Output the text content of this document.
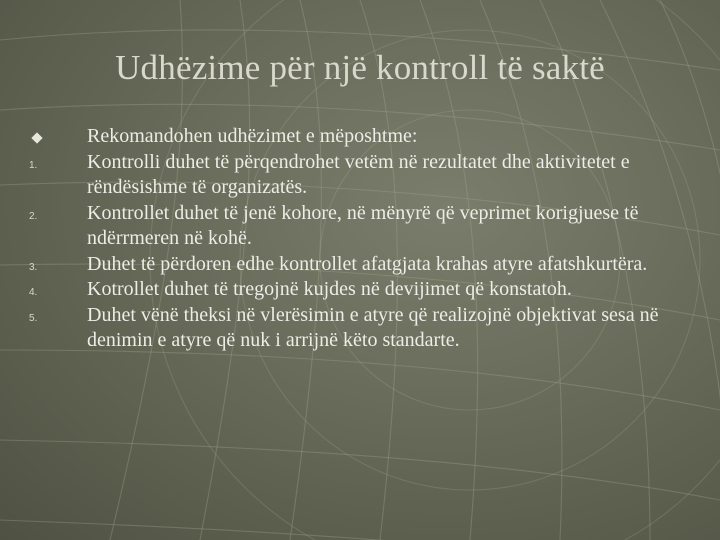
Udhëzime për një kontroll të saktë
Rekomandohen udhëzimet e mëposhtme:
1. Kontrolli duhet të përqendrohet vetëm në rezultatet dhe aktivitetet e rëndësishme të organizatës.
2. Kontrollet duhet të jenë kohore, në mënyrë që veprimet korigjuese të ndërrmeren në kohë.
3. Duhet të përdoren edhe kontrollet afatgjata krahas atyre afatshkurtëra.
4. Kotrollet duhet të tregojnë kujdes në devijimet që konstatoh.
5. Duhet vënë theksi në vlerësimin e atyre që realizojnë objektivat sesa në denimin e atyre që nuk i arrijnë këto standarte.
